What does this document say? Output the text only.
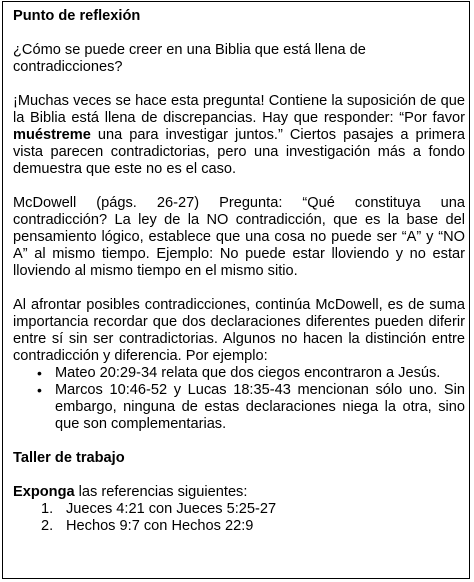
Punto de reflexión

¿Cómo se puede creer en una Biblia que está llena de contradicciones?

¡Muchas veces se hace esta pregunta! Contiene la suposición de que la Biblia está llena de discrepancias. Hay que responder: “Por favor muéstreme una para investigar juntos.” Ciertos pasajes a primera vista parecen contradictorias, pero una investigación más a fondo demuestra que este no es el caso.

McDowell (págs. 26-27) Pregunta: “Qué constituya una contradicción? La ley de la NO contradicción, que es la base del pensamiento lógico, establece que una cosa no puede ser “A” y “NO A” al mismo tiempo. Ejemplo: No puede estar lloviendo y no estar lloviendo al mismo tiempo en el mismo sitio.

Al afrontar posibles contradicciones, continúa McDowell, es de suma importancia recordar que dos declaraciones diferentes pueden diferir entre sí sin ser contradictorias. Algunos no hacen la distinción entre contradicción y diferencia. Por ejemplo:

• Mateo 20:29-34 relata que dos ciegos encontraron a Jesús.
• Marcos 10:46-52 y Lucas 18:35-43 mencionan sólo uno. Sin embargo, ninguna de estas declaraciones niega la otra, sino que son complementarias.

Taller de trabajo

Exponga las referencias siguientes:

1. Jueces 4:21 con Jueces 5:25-27
2. Hechos 9:7 con Hechos 22:9
